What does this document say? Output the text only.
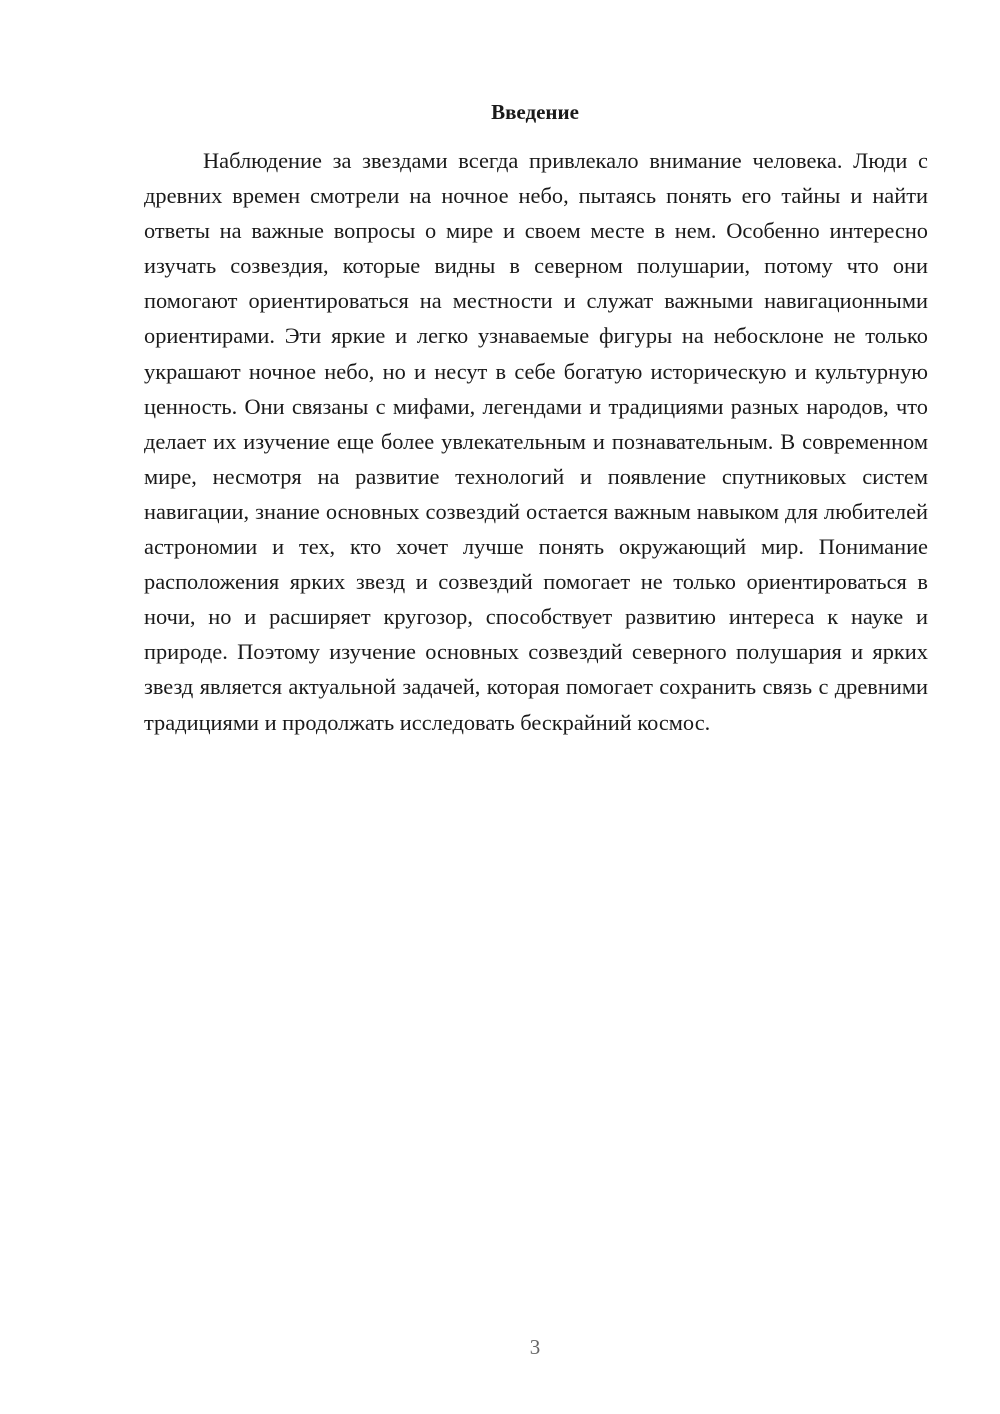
Введение

Наблюдение за звездами всегда привлекало внимание человека. Люди с древних времен смотрели на ночное небо, пытаясь понять его тайны и найти ответы на важные вопросы о мире и своем месте в нем. Особенно интересно изучать созвездия, которые видны в северном полушарии, потому что они помогают ориентироваться на местности и служат важными навигационными ориентирами. Эти яркие и легко узнаваемые фигуры на небосклоне не только украшают ночное небо, но и несут в себе богатую историческую и культурную ценность. Они связаны с мифами, легендами и традициями разных народов, что делает их изучение еще более увлекательным и познавательным. В современном мире, несмотря на развитие технологий и появление спутниковых систем навигации, знание основных созвездий остается важным навыком для любителей астрономии и тех, кто хочет лучше понять окружающий мир. Понимание расположения ярких звезд и созвездий помогает не только ориентироваться в ночи, но и расширяет кругозор, способствует развитию интереса к науке и природе. Поэтому изучение основных созвездий северного полушария и ярких звезд является актуальной задачей, которая помогает сохранить связь с древними традициями и продолжать исследовать бескрайний космос.

3
